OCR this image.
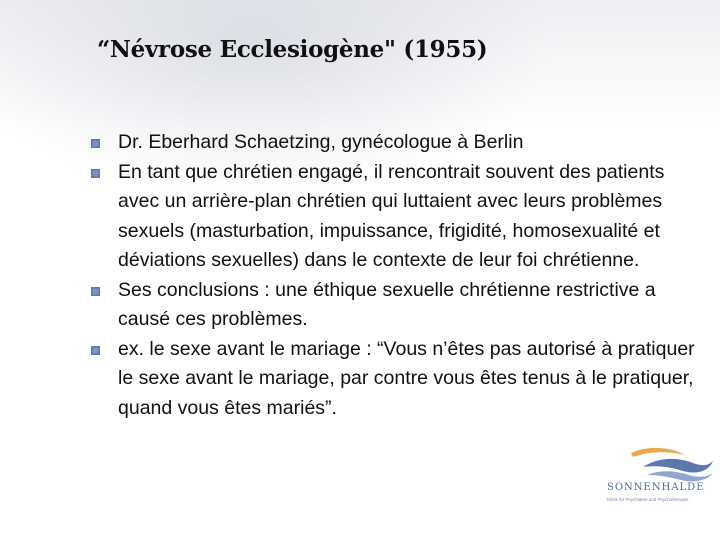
“Névrose Ecclesiogène" (1955)
Dr. Eberhard Schaetzing, gynécologue à Berlin
En tant que chrétien engagé, il rencontrait souvent des patients avec un arrière-plan chrétien qui luttaient avec leurs problèmes sexuels (masturbation, impuissance, frigidité, homosexualité et déviations sexuelles) dans le contexte de leur foi chrétienne.
Ses conclusions : une éthique sexuelle chrétienne restrictive a causé ces problèmes.
ex. le sexe avant le mariage : “Vous n’êtes pas autorisé à pratiquer le sexe avant le mariage, par contre vous êtes tenus à le pratiquer, quand vous êtes mariés”.
SONNENHALDE
Klinik für Psychiatrie und Psychotherapie
